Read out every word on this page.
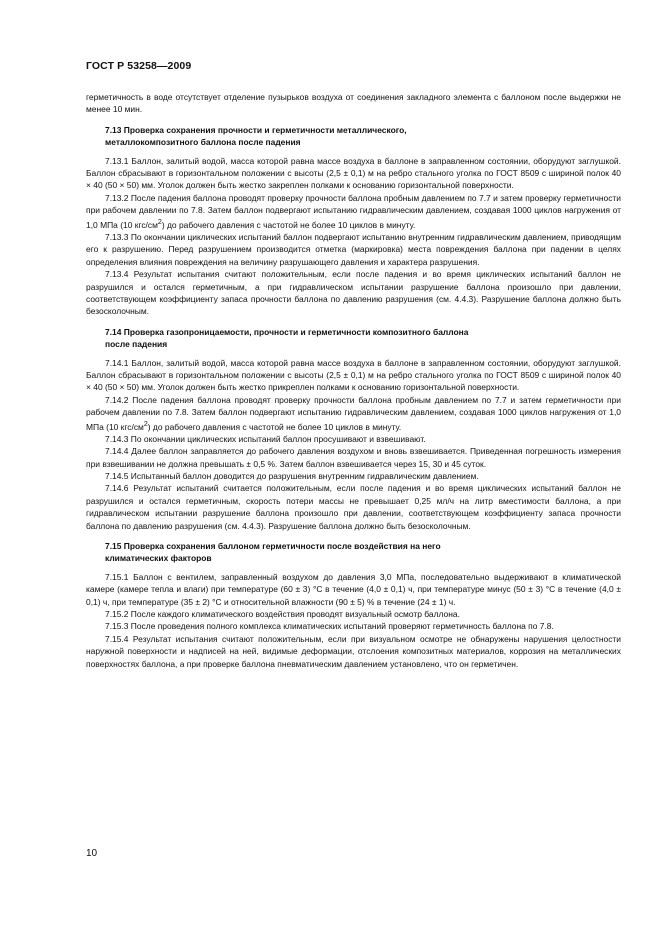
ГОСТ Р 53258—2009

герметичность в воде отсутствует отделение пузырьков воздуха от соединения закладного элемента с баллоном после выдержки не менее 10 мин.

7.13 Проверка сохранения прочности и герметичности металлического,
металлокомпозитного баллона после падения

7.13.1 Баллон, залитый водой, масса которой равна массе воздуха в баллоне в заправленном состоянии, оборудуют заглушкой. Баллон сбрасывают в горизонтальном положении с высоты (2,5 ± 0,1) м на ребро стального уголка по ГОСТ 8509 с шириной полок 40 × 40 (50 × 50) мм. Уголок должен быть жестко закреплен полками к основанию горизонтальной поверхности.

7.13.2 После падения баллона проводят проверку прочности баллона пробным давлением по 7.7 и затем проверку герметичности при рабочем давлении по 7.8. Затем баллон подвергают испытанию гидравлическим давлением, создавая 1000 циклов нагружения от 1,0 МПа (10 кгс/$см^2$) до рабочего давления с частотой не более 10 циклов в минуту.

7.13.3 По окончании циклических испытаний баллон подвергают испытанию внутренним гидравлическим давлением, приводящим его к разрушению. Перед разрушением производится отметка (маркировка) места повреждения баллона при падении в целях определения влияния повреждения на величину разрушающего давления и характера разрушения.

7.13.4 Результат испытания считают положительным, если после падения и во время циклических испытаний баллон не разрушился и остался герметичным, а при гидравлическом испытании разрушение баллона произошло при давлении, соответствующем коэффициенту запаса прочности баллона по давлению разрушения (см. 4.4.3). Разрушение баллона должно быть безосколочным.

7.14 Проверка газопроницаемости, прочности и герметичности композитного баллона
после падения

7.14.1 Баллон, залитый водой, масса которой равна массе воздуха в баллоне в заправленном состоянии, оборудуют заглушкой. Баллон сбрасывают в горизонтальном положении с высоты (2,5 ± 0,1) м на ребро стального уголка по ГОСТ 8509 с шириной полок 40 × 40 (50 × 50) мм. Уголок должен быть жестко прикреплен полками к основанию горизонтальной поверхности.

7.14.2 После падения баллона проводят проверку прочности баллона пробным давлением по 7.7 и затем герметичности при рабочем давлении по 7.8. Затем баллон подвергают испытанию гидравлическим давлением, создавая 1000 циклов нагружения от 1,0 МПа (10 кгс/$см^2$) до рабочего давления с частотой не более 10 циклов в минуту.

7.14.3 По окончании циклических испытаний баллон просушивают и взвешивают.

7.14.4 Далее баллон заправляется до рабочего давления воздухом и вновь взвешивается. Приведенная погрешность измерения при взвешивании не должна превышать ± 0,5 %. Затем баллон взвешивается через 15, 30 и 45 суток.

7.14.5 Испытанный баллон доводится до разрушения внутренним гидравлическим давлением.

7.14.6 Результат испытаний считается положительным, если после падения и во время циклических испытаний баллон не разрушился и остался герметичным, скорость потери массы не превышает 0,25 мл/ч на литр вместимости баллона, а при гидравлическом испытании разрушение баллона произошло при давлении, соответствующем коэффициенту запаса прочности баллона по давлению разрушения (см. 4.4.3). Разрушение баллона должно быть безосколочным.

7.15 Проверка сохранения баллоном герметичности после воздействия на него
климатических факторов

7.15.1 Баллон с вентилем, заправленный воздухом до давления 3,0 МПа, последовательно выдерживают в климатической камере (камере тепла и влаги) при температуре (60 ± 3) °С в течение (4,0 ± 0,1) ч, при температуре минус (50 ± 3) °С в течение (4,0 ± 0,1) ч, при температуре (35 ± 2) °С и относительной влажности (90 ± 5) % в течение (24 ± 1) ч.

7.15.2 После каждого климатического воздействия проводят визуальный осмотр баллона.

7.15.3 После проведения полного комплекса климатических испытаний проверяют герметичность баллона по 7.8.

7.15.4 Результат испытания считают положительным, если при визуальном осмотре не обнаружены нарушения целостности наружной поверхности и надписей на ней, видимые деформации, отслоения композитных материалов, коррозия на металлических поверхностях баллона, а при проверке баллона пневматическим давлением установлено, что он герметичен.

10
